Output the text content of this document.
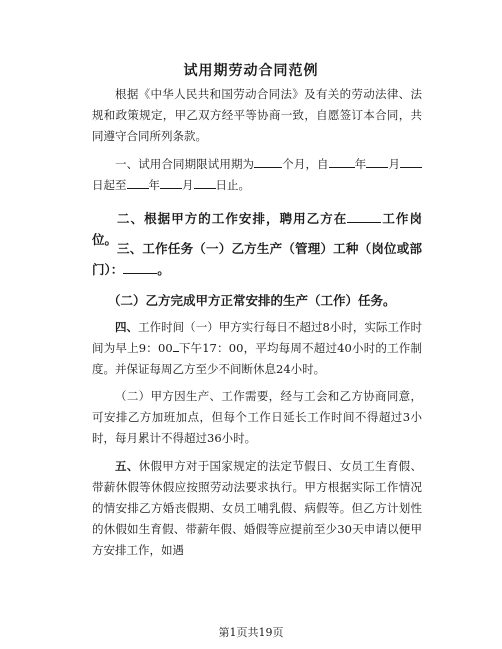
试用期劳动合同范例
根据《中华人民共和国劳动合同法》及有关的劳动法律、法规和政策规定，甲乙双方经平等协商一致，自愿签订本合同，共同遵守合同所列条款。
一、试用合同期限试用期为 个月，自 年 月日起至 年 月 日止。
二、根据甲方的工作安排，聘用乙方在	工作岗位。
三、工作任务（一）乙方生产（管理）工种（岗位或部门）：	。
（二）乙方完成甲方正常安排的生产（工作）任务。
四、工作时间（一）甲方实行每日不超过8小时，实际工作时间为早上9：00 下午17：00，平均每周不超过40小时的工作制度。并保证每周乙方至少不间断休息24小时。
（二）甲方因生产、工作需要，经与工会和乙方协商同意，可安排乙方加班加点，但每个工作日延长工作时间不得超过3小时，每月累计不得超过36小时。
五、休假甲方对于国家规定的法定节假日、女员工生育假、带薪休假等休假应按照劳动法要求执行。甲方根据实际工作情况的情安排乙方婚丧假期、女员工哺乳假、病假等。但乙方计划性的休假如生育假、带薪年假、婚假等应提前至少30天申请以便甲方安排工作，如遇
第1页共19页
